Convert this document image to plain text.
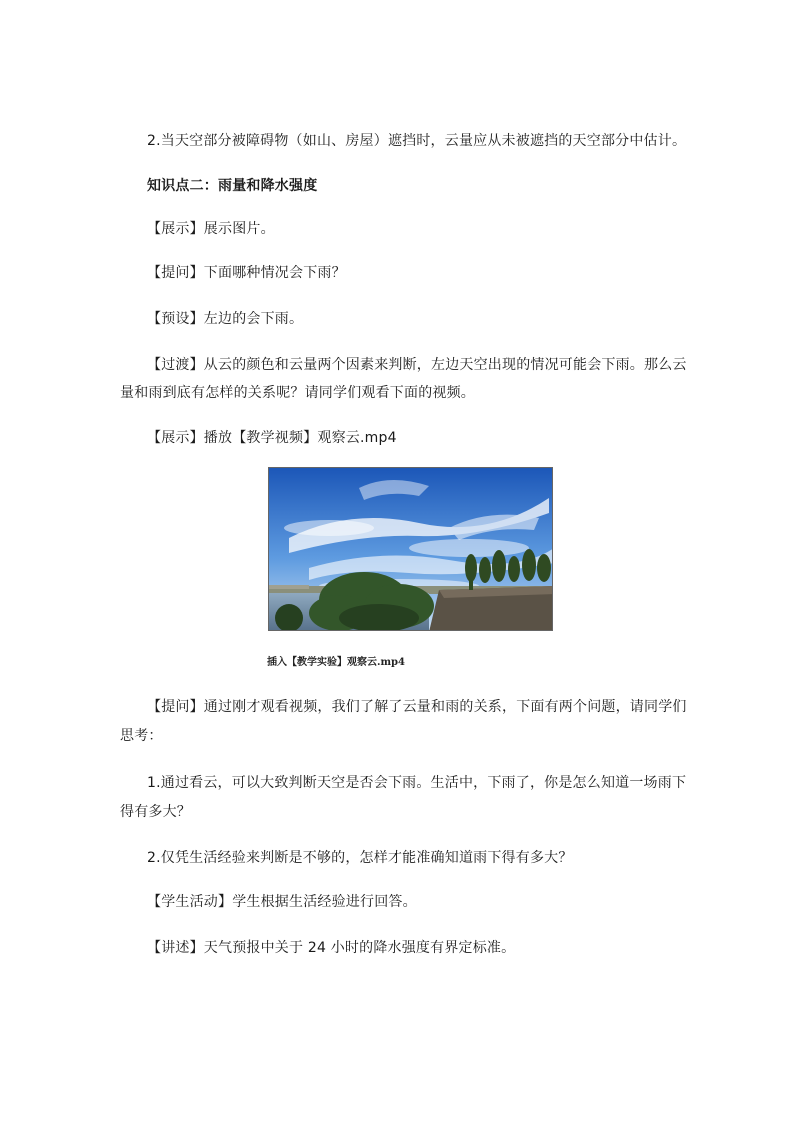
2.当天空部分被障碍物（如山、房屋）遮挡时，云量应从未被遮挡的天空部分中估计。
知识点二：雨量和降水强度
【展示】展示图片。
【提问】下面哪种情况会下雨？
【预设】左边的会下雨。
【过渡】从云的颜色和云量两个因素来判断，左边天空出现的情况可能会下雨。那么云
量和雨到底有怎样的关系呢？请同学们观看下面的视频。
【展示】播放【教学视频】观察云.mp4
插入【教学实验】观察云.mp4
【提问】通过刚才观看视频，我们了解了云量和雨的关系，下面有两个问题，请同学们
思考：
1.通过看云，可以大致判断天空是否会下雨。生活中，下雨了，你是怎么知道一场雨下
得有多大？
2.仅凭生活经验来判断是不够的，怎样才能准确知道雨下得有多大？
【学生活动】学生根据生活经验进行回答。
【讲述】天气预报中关于 24 小时的降水强度有界定标准。
